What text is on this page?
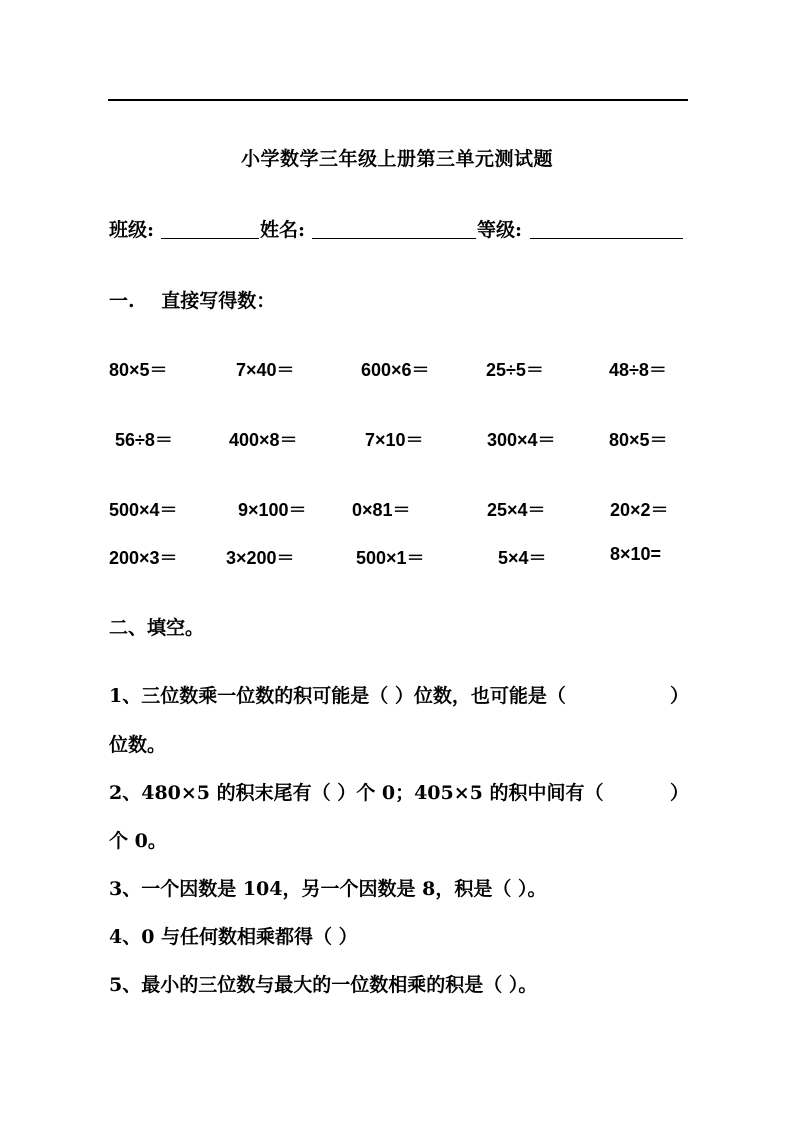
小学数学三年级上册第三单元测试题
班级:	姓名:	等级:
一. 直接写得数：
80×5＝	7×40＝	600×6＝	25÷5＝	48÷8＝
56÷8＝	400×8＝	7×10＝	300×4＝	80×5＝
500×4＝	9×100＝	0×81＝	25×4＝	20×2＝
200×3＝	3×200＝	500×1＝	5×4＝	8×10=
二、填空。
1、三位数乘一位数的积可能是（ ）位数，也可能是（	）
位数。
2、480×5 的积末尾有（ ）个 0；405×5 的积中间有（	）
个 0。
3、一个因数是 104，另一个因数是 8，积是（ ）。
4、0 与任何数相乘都得（ ）
5、最小的三位数与最大的一位数相乘的积是（ ）。
